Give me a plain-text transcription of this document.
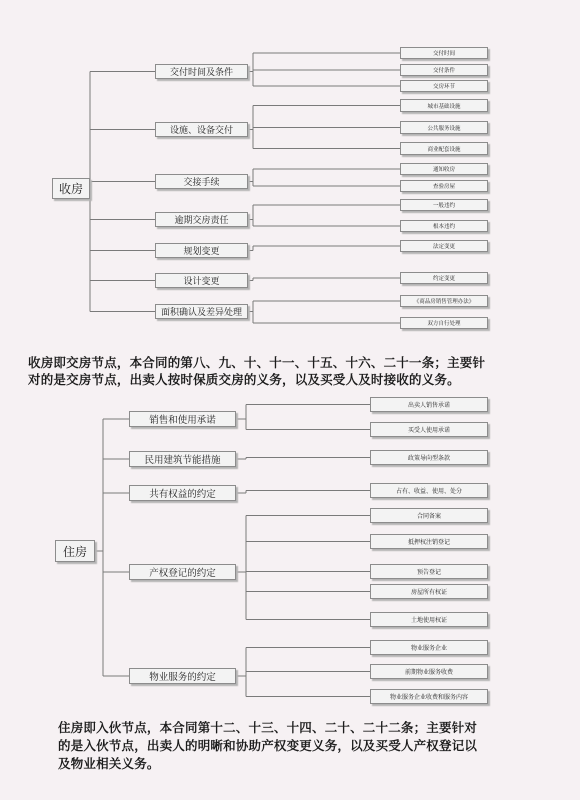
收房
交付时间及条件
设施、设备交付
交接手续
逾期交房责任
规划变更
设计变更
面积确认及差异处理
交付时间
交付条件
交房环节
城市基础设施
公共服务设施
商业配套设施
通知收房
查验房屋
一般违约
根本违约
法定变更
约定变更
《商品房销售管理办法》
双方自行处理

收房即交房节点，本合同的第八、九、十、十一、十五、十六、二十一条；主要针

对的是交房节点，出卖人按时保质交房的义务，以及买受人及时接收的义务。

住房
销售和使用承诺
民用建筑节能措施
共有权益的约定
产权登记的约定
物业服务的约定
出卖人销售承诺
买受人使用承诺
政策导向型条款
占有、收益、使用、处分
合同备案
抵押权注销登记
预告登记
房屋所有权证
土地使用权证
物业服务企业
前期物业服务收费
物业服务企业收费和服务内容

住房即入伙节点，本合同第十二、十三、十四、二十、二十二条；主要针对

的是入伙节点，出卖人的明晰和协助产权变更义务，以及买受人产权登记以

及物业相关义务。
